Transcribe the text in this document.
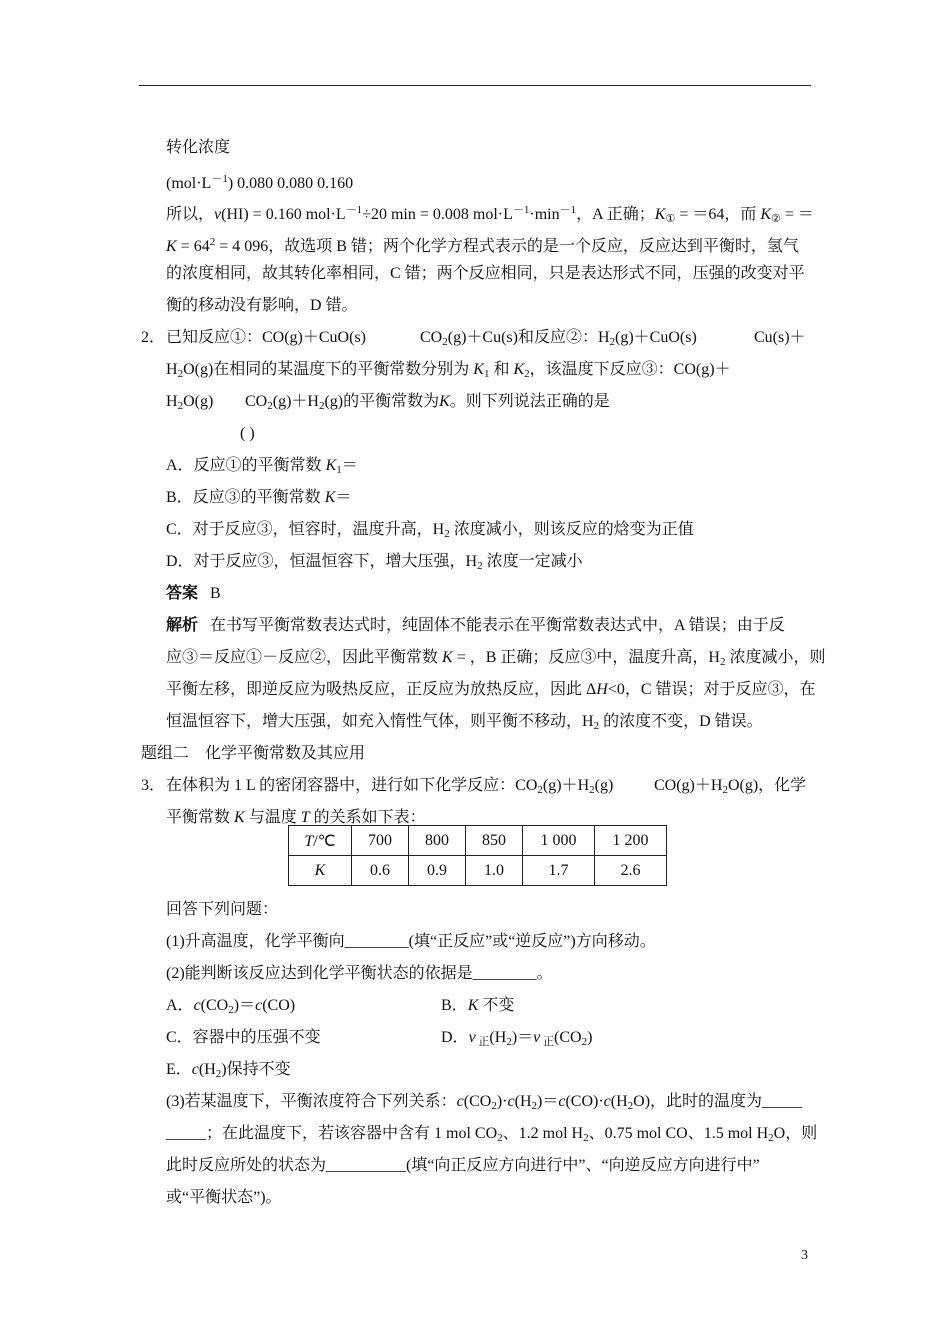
转化浓度
$(mol\cdot L^{-1})$ 0.080 0.080 0.160
所以，v(HI) = 0.160 $mol\cdot L^{-1}\div 20$ min = 0.008 $mol\cdot L^{-1}\cdot\min^{-1}$，A 正确；$K_① = =64$，而 $K_②$ = ＝
$K = 64^2 = 4$ 096，故选项 B 错；两个化学方程式表示的是一个反应，反应达到平衡时，氢气
的浓度相同，故其转化率相同，C 错；两个反应相同，只是表达形式不同，压强的改变对平
衡的移动没有影响，D 错。
2． 已知反应①：CO(g)＋CuO(s)	$CO_2(g)+Cu(s)$和反应②：$H_2(g)+CuO(s)$	Cu(s)＋
$H_2O(g)$在相同的某温度下的平衡常数分别为 $K_1$ 和 $K_2$，该温度下反应③：CO(g)＋
$H_2O(g)$ $CO_2(g)+H_2(g)$的平衡常数为K。则下列说法正确的是
( )
A．反应①的平衡常数 $K_1=$
B．反应③的平衡常数 K＝
C．对于反应③，恒容时，温度升高，$H_2$ 浓度减小，则该反应的焓变为正值
D．对于反应③，恒温恒容下，增大压强，$H_2$ 浓度一定减小
答案 B
解析 在书写平衡常数表达式时，纯固体不能表示在平衡常数表达式中，A 错误；由于反
应③＝反应①－反应②，因此平衡常数 K = ，B 正确；反应③中，温度升高，$H_2$ 浓度减小，则
平衡左移，即逆反应为吸热反应，正反应为放热反应，因此 ΔH<0，C 错误；对于反应③，在
恒温恒容下，增大压强，如充入惰性气体，则平衡不移动，$H_2$ 的浓度不变，D 错误。
题组二　化学平衡常数及其应用
3． 在体积为 1 L 的密闭容器中，进行如下化学反应：$CO_2(g)+H_2(g)$	$CO(g)+H_2O(g)$，化学
平衡常数 K 与温度 T 的关系如下表：
T/℃	700	800	850	1 000	1 200
K	0.6	0.9	1.0	1.7	2.6
回答下列问题：
(1)升高温度，化学平衡向________(填“正反应”或“逆反应”)方向移动。
(2)能判断该反应达到化学平衡状态的依据是________。
A．$c(CO_2)=c(CO)$	B．K 不变
C．容器中的压强不变	D．v $_正(H_2)=v$ $_正(CO_2)$
E．$c(H_2)$保持不变
(3)若某温度下，平衡浓度符合下列关系：$c(CO_2)\cdot c(H_2)=c(CO)\cdot c(H_2O)$，此时的温度为_____
_____；在此温度下，若该容器中含有 1 mol $CO_2$、1.2 mol $H_2$、0.75 mol CO、1.5 mol $H_2O$，则
此时反应所处的状态为__________(填“向正反应方向进行中”、“向逆反应方向进行中”
或“平衡状态”)。
3
